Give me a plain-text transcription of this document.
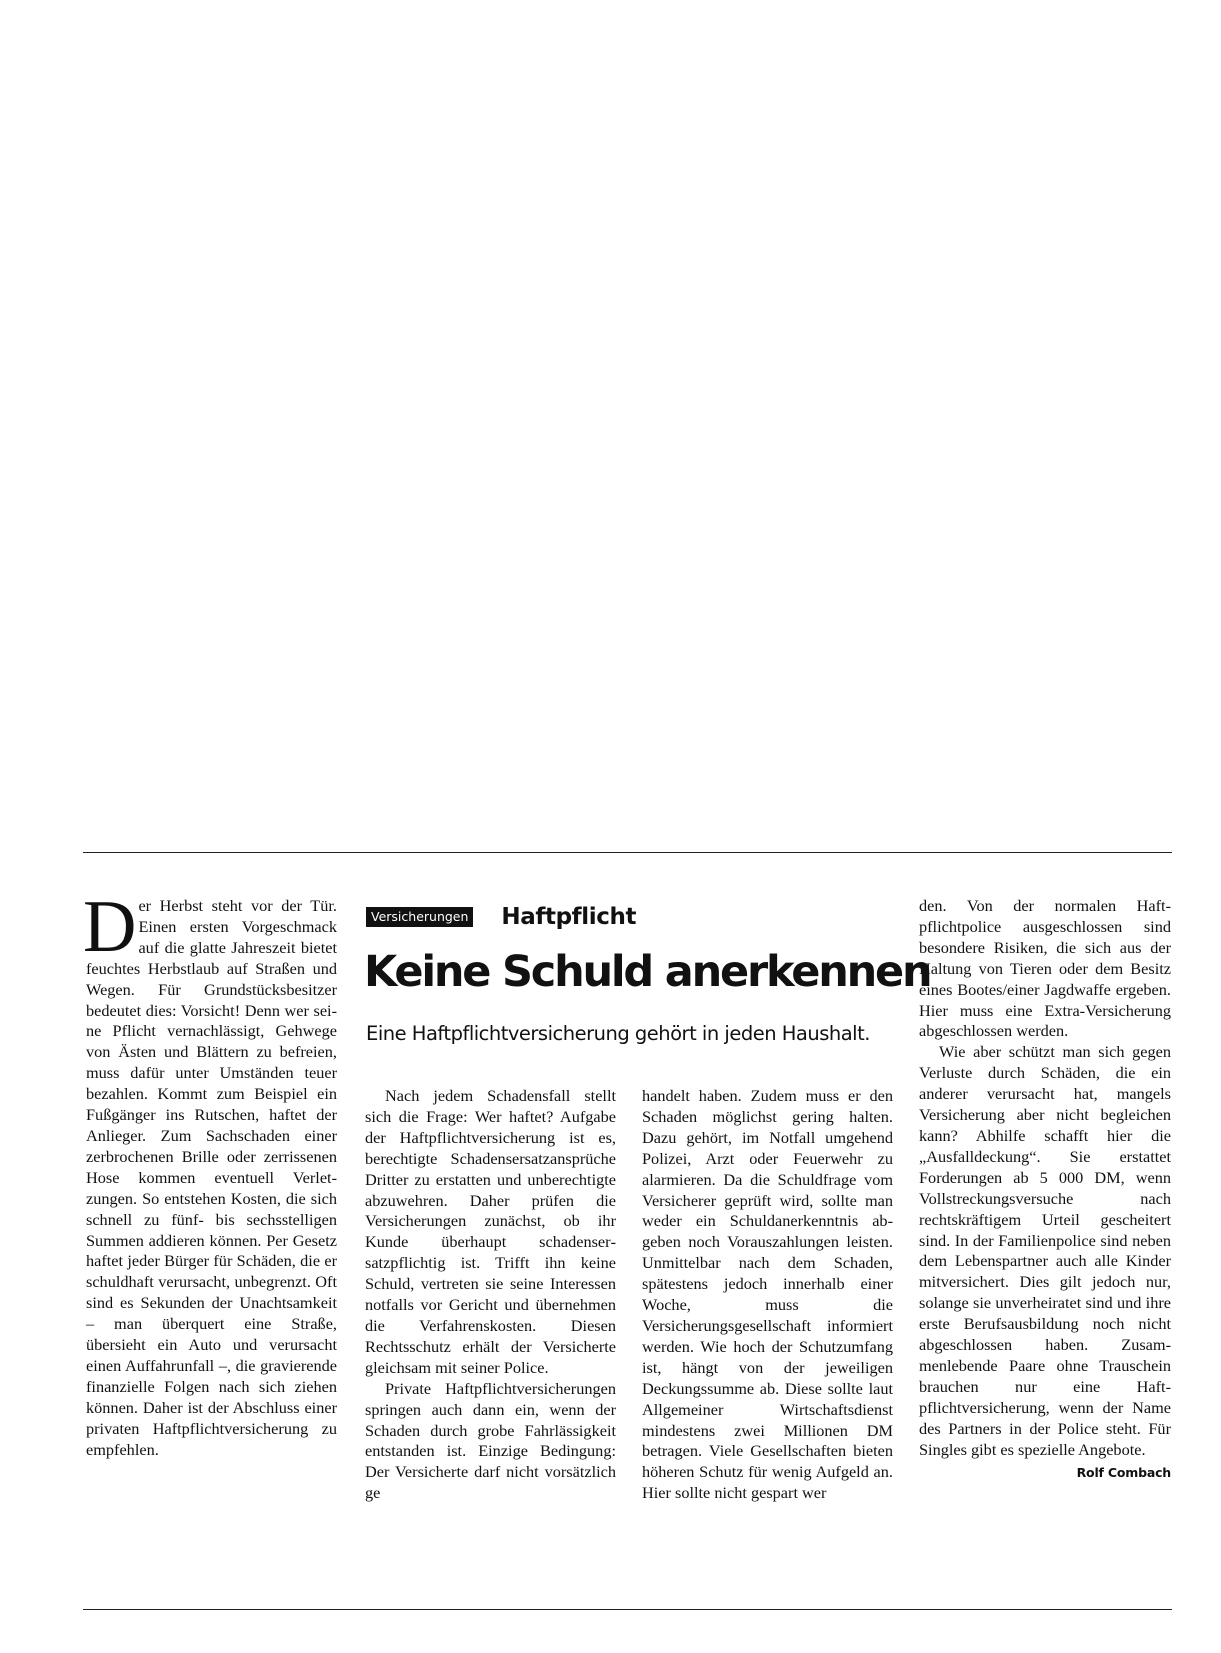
Der Herbst steht vor der Tür. Einen ersten Vorgeschmack auf die glatte Jahreszeit bietet feuchtes Herbstlaub auf Straßen und Wegen. Für Grundstücksbesitzer bedeutet dies: Vorsicht! Denn wer seine Pflicht vernachlässigt, Gehwege von Ästen und Blättern zu befreien, muss dafür unter Umständen teuer bezahlen. Kommt zum Beispiel ein Fußgänger ins Rutschen, haftet der Anlieger. Zum Sachschaden einer zerbrochenen Brille oder zerrissenen Hose kommen eventuell Verletzungen. So entstehen Kosten, die sich schnell zu fünf- bis sechsstelligen Summen addieren können. Per Gesetz haftet jeder Bürger für Schäden, die er schuldhaft verursacht, unbegrenzt. Oft sind es Sekunden der Unachtsamkeit – man überquert eine Straße, übersieht ein Auto und verursacht einen Auffahrunfall –, die gravierende finanzielle Folgen nach sich ziehen können. Daher ist der Abschluss einer privaten Haftpflichtversicherung zu empfehlen.

Versicherungen Haftpflicht
Keine Schuld anerkennen

Eine Haftpflichtversicherung gehört in jeden Haushalt.

Nach jedem Schadensfall stellt sich die Frage: Wer haftet? Aufgabe der Haftpflichtversicherung ist es, berechtigte Schadensersatzansprüche Dritter zu erstatten und unberechtigte abzuwehren. Daher prüfen die Versicherungen zunächst, ob ihr Kunde überhaupt schadensersatzpflichtig ist. Trifft ihn keine Schuld, vertreten sie seine Interessen notfalls vor Gericht und übernehmen die Verfahrenskosten. Diesen Rechtsschutz erhält der Versicherte gleichsam mit seiner Police.

Private Haftpflichtversicherungen springen auch dann ein, wenn der Schaden durch grobe Fahrlässigkeit entstanden ist. Einzige Bedingung: Der Versicherte darf nicht vorsätzlich ge

handelt haben. Zudem muss er den Schaden möglichst gering halten. Dazu gehört, im Notfall umgehend Polizei, Arzt oder Feuerwehr zu alarmieren. Da die Schuldfrage vom Versicherer geprüft wird, sollte man weder ein Schuldanerkenntnis abgeben noch Vorauszahlungen leisten. Unmittelbar nach dem Schaden, spätestens jedoch innerhalb einer Woche, muss die Versicherungsgesellschaft informiert werden. Wie hoch der Schutzumfang ist, hängt von der jeweiligen Deckungssumme ab. Diese sollte laut Allgemeiner Wirtschaftsdienst mindestens zwei Millionen DM betragen. Viele Gesellschaften bieten höheren Schutz für wenig Aufgeld an. Hier sollte nicht gespart wer

den. Von der normalen Haftpflichtpolice ausgeschlossen sind besondere Risiken, die sich aus der Haltung von Tieren oder dem Besitz eines Bootes/einer Jagdwaffe ergeben. Hier muss eine Extra-Versicherung abgeschlossen werden.

Wie aber schützt man sich gegen Verluste durch Schäden, die ein anderer verursacht hat, mangels Versicherung aber nicht begleichen kann? Abhilfe schafft hier die „Ausfalldeckung“. Sie erstattet Forderungen ab 5 000 DM, wenn Vollstreckungsversuche nach rechtskräftigem Urteil gescheitert sind. In der Familienpolice sind neben dem Lebenspartner auch alle Kinder mitversichert. Dies gilt jedoch nur, solange sie unverheiratet sind und ihre erste Berufsausbildung noch nicht abgeschlossen haben. Zusammenlebende Paare ohne Trauschein brauchen nur eine Haftpflichtversicherung, wenn der Name des Partners in der Police steht. Für Singles gibt es spezielle Angebote.
Rolf Combach
